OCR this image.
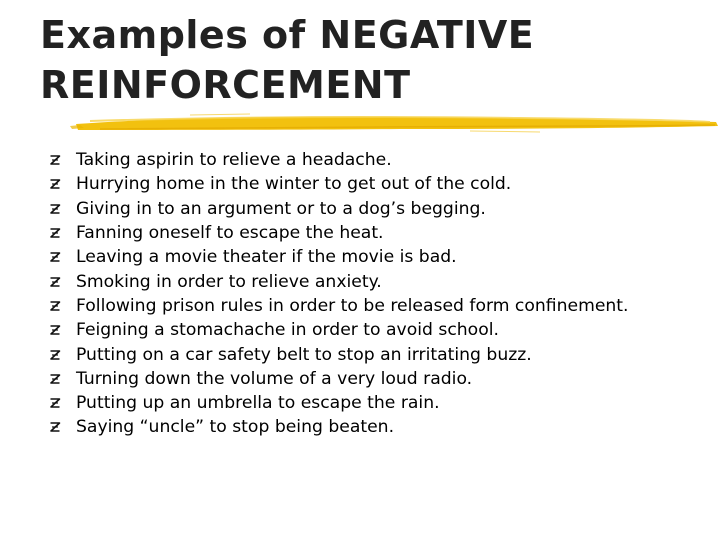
Examples of NEGATIVE
REINFORCEMENT
Taking aspirin to relieve a headache.
Hurrying home in the winter to get out of the cold.
Giving in to an argument or to a dog’s begging.
Fanning oneself to escape the heat.
Leaving a movie theater if the movie is bad.
Smoking in order to relieve anxiety.
Following prison rules in order to be released form confinement.
Feigning a stomachache in order to avoid school.
Putting on a car safety belt to stop an irritating buzz.
Turning down the volume of a very loud radio.
Putting up an umbrella to escape the rain.
Saying “uncle” to stop being beaten.
